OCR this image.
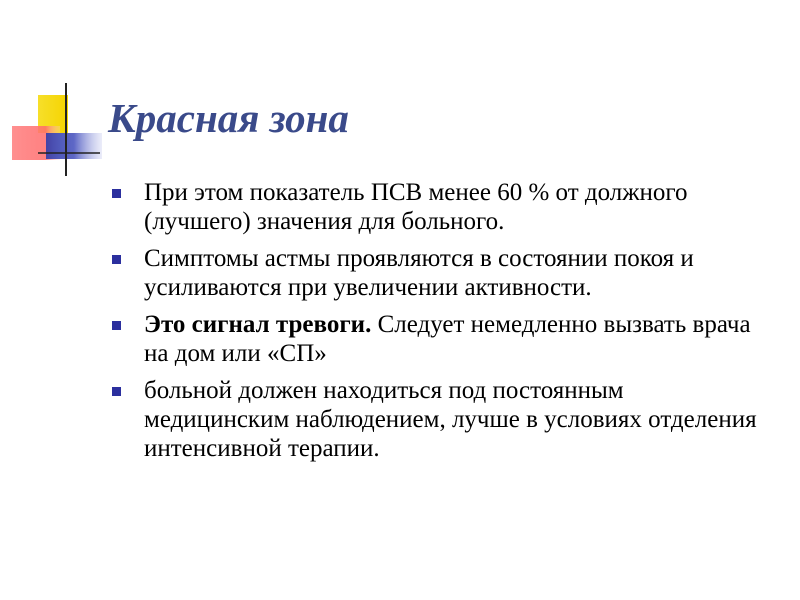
Красная зона
При этом показатель ПСВ менее 60 % от должного (лучшего) значения для больного.
Симптомы астмы проявляются в состоянии покоя и усиливаются при увеличении активности.
Это сигнал тревоги. Следует немедленно вызвать врача на дом или «СП»
больной должен находиться под постоянным медицинским наблюдением, лучше в условиях отделения интенсивной терапии.
